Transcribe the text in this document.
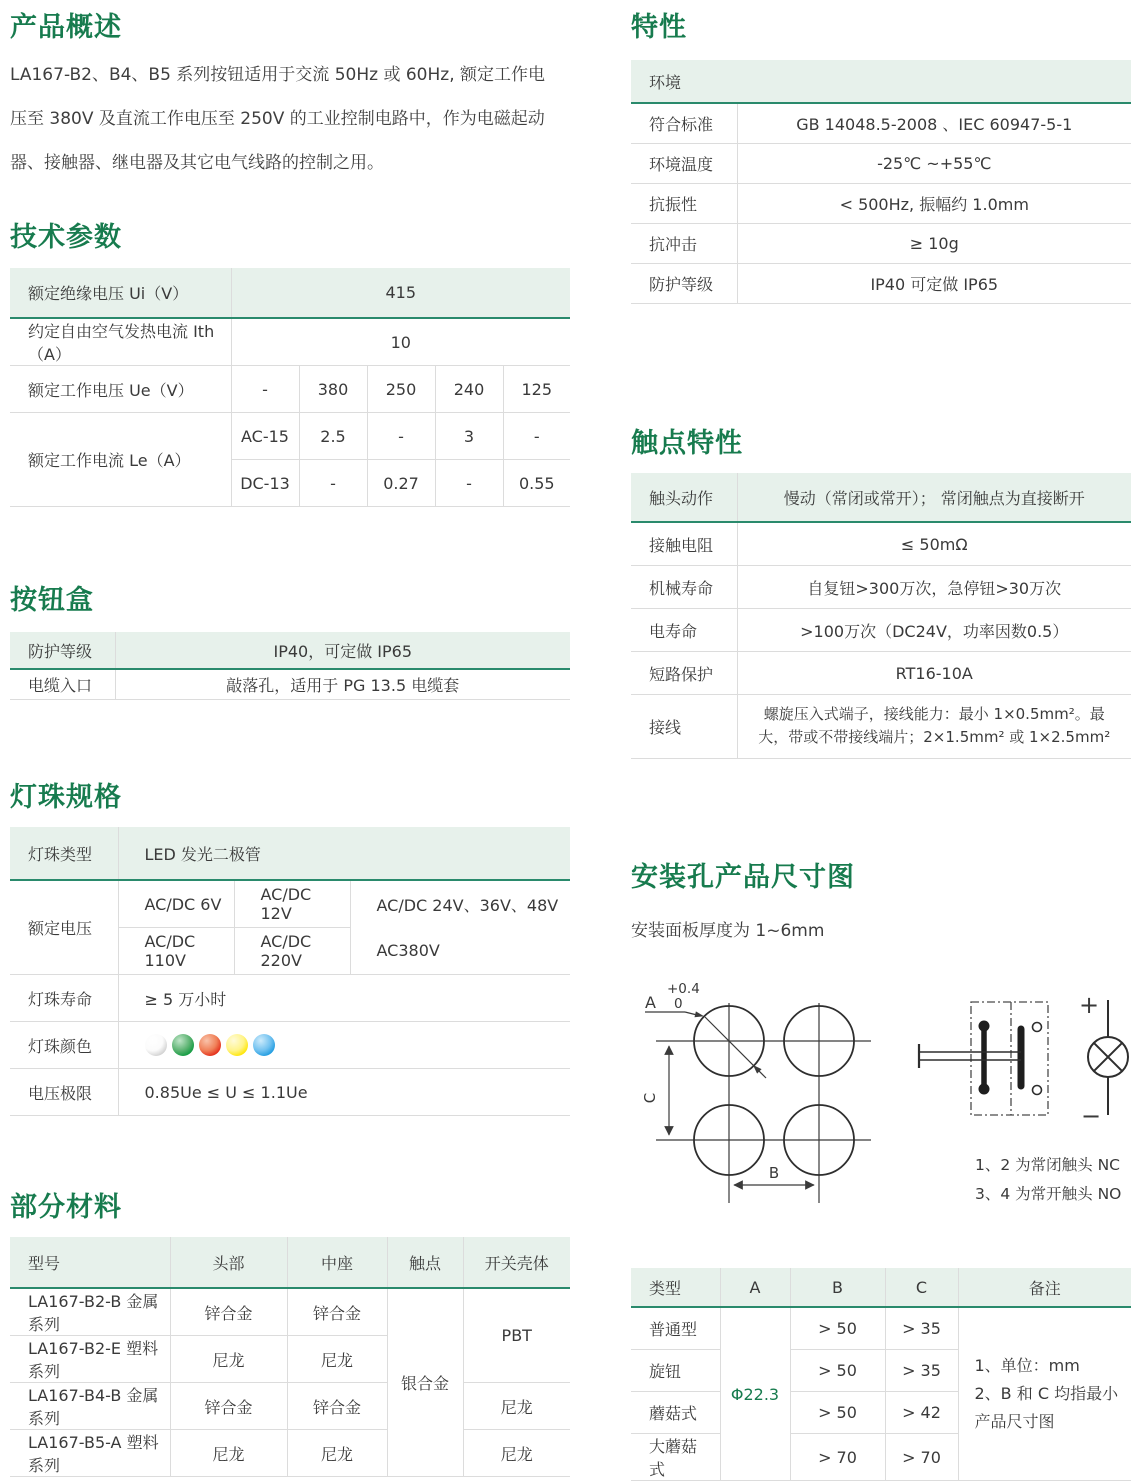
产品概述

LA167-B2、B4、B5 系列按钮适用于交流 50Hz 或 60Hz, 额定工作电压至 380V 及直流工作电压至 250V 的工业控制电路中，作为电磁起动器、接触器、继电器及其它电气线路的控制之用。

技术参数
额定绝缘电压 Ui（V）	415				
约定自由空气发热电流 Ith（A）	10				
额定工作电压 Ue（V）	-	380	250	240	125
额定工作电流 Le（A）	AC-15	2.5	-	3	-
	DC-13	-	0.27	-	0.55
按钮盒
防护等级	IP40，可定做 IP65
电缆入口	敲落孔，适用于 PG 13.5 电缆套
灯珠规格
灯珠类型	LED 发光二极管		
额定电压	AC/DC 6V	AC/DC 12V	AC/DC 24V、36V、48V
	AC/DC 110V	AC/DC 220V	AC380V
灯珠寿命	≥ 5 万小时		
灯珠颜色			

电压极限	0.85Ue ≤ U ≤ 1.1Ue		
部分材料
型号	头部	中座	触点	开关壳体
LA167-B2-B 金属系列	锌合金	锌合金	银合金	PBT
LA167-B2-E 塑料系列	尼龙	尼龙		
LA167-B4-B 金属系列	锌合金	锌合金		尼龙
LA167-B5-A 塑料系列	尼龙	尼龙		尼龙
特性
环境	
符合标准	GB 14048.5-2008 、IEC 60947-5-1
环境温度	-25℃ ~+55℃
抗振性	< 500Hz, 振幅约 1.0mm
抗冲击	≥ 10g
防护等级	IP40 可定做 IP65
触点特性
触头动作	慢动（常闭或常开）； 常闭触点为直接断开
接触电阻	≤ 50mΩ
机械寿命	自复钮>300万次，急停钮>30万次
电寿命	>100万次（DC24V，功率因数0.5）
短路保护	RT16-10A
接线	螺旋压入式端子，接线能力：最小 1×0.5mm²。最大，带或不带接线端片；2×1.5mm² 或 1×2.5mm²
安装孔产品尺寸图

安装面板厚度为 1~6mm

A
+0.4
0
B
C
+
−
1、2 为常闭触头 NC
3、4 为常开触头 NO
类型	A	B	C	备注
普通型	Φ22.3	> 50	> 35	1、单位：mm
2、B 和 C 均指最小产品尺寸图

旋钮		> 50	> 35	
蘑菇式		> 50	> 42	
大蘑菇式		> 70	> 70	
